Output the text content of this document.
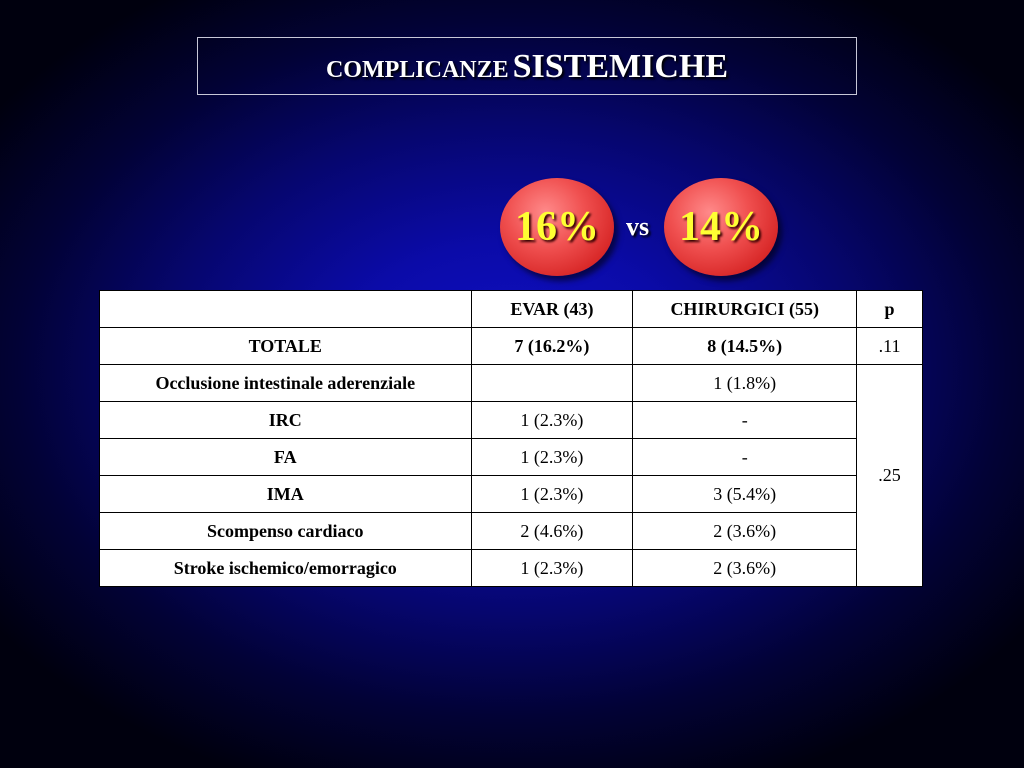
COMPLICANZE SISTEMICHE
16%	vs 14%
	EVAR (43)	CHIRURGICI (55)	p
TOTALE	7 (16.2%)	8 (14.5%)	.11
Occlusione intestinale aderenziale		1 (1.8%)	.25
IRC	1 (2.3%)	-	
FA	1 (2.3%)	-	
IMA	1 (2.3%)	3 (5.4%)	
Scompenso cardiaco	2 (4.6%)	2 (3.6%)	
Stroke ischemico/emorragico	1 (2.3%)	2 (3.6%)	
